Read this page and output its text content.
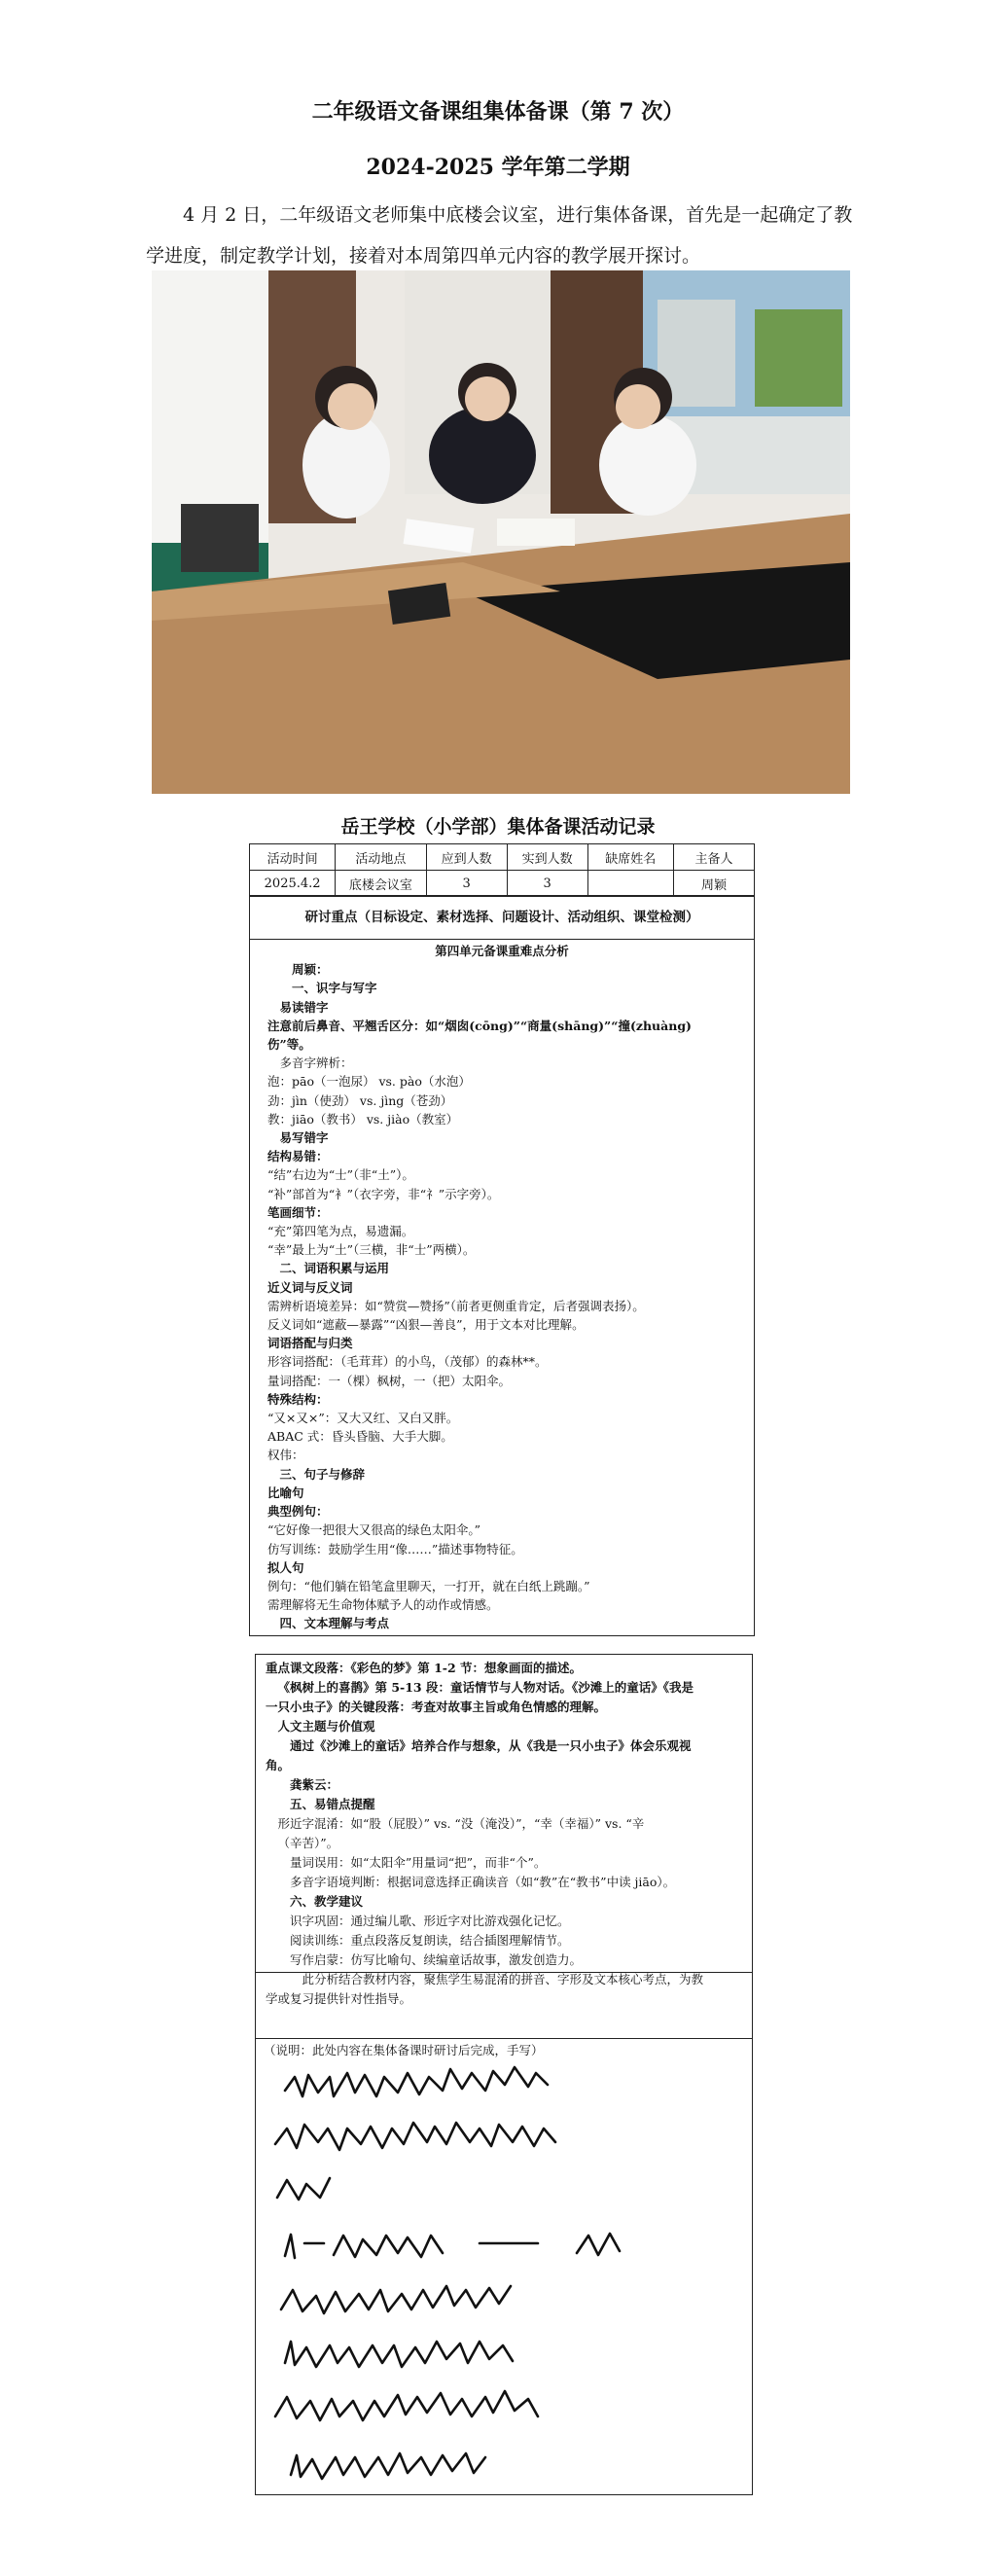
二年级语文备课组集体备课（第 7 次）
2024-2025 学年第二学期
4 月 2 日，二年级语文老师集中底楼会议室，进行集体备课，首先是一起确定了教学进度，制定教学计划，接着对本周第四单元内容的教学展开探讨。
岳王学校（小学部）集体备课活动记录
活动时间	活动地点	应到人数	实到人数	缺席姓名	主备人
2025.4.2	底楼会议室	3	3		周颖
研讨重点（目标设定、素材选择、问题设计、活动组织、课堂检测）
第四单元备课重难点分析
周颖：
一、识字与写字
易读错字
注意前后鼻音、平翘舌区分：如“烟囱(cōng)”“商量(shāng)”“撞(zhuàng)
伤”等。
多音字辨析：
泡：pāo（一泡尿） vs. pào（水泡）
劲：jìn（使劲） vs. jìng（苍劲）
教：jiāo（教书） vs. jiào（教室）
易写错字
结构易错：
“结”右边为“士”（非“土”）。
“补”部首为“衤”（衣字旁，非“礻”示字旁）。
笔画细节：
“充”第四笔为点，易遗漏。
“幸”最上为“土”（三横，非“士”两横）。
二、词语积累与运用
近义词与反义词
需辨析语境差异：如“赞赏—赞扬”（前者更侧重肯定，后者强调表扬）。
反义词如“遮蔽—暴露”“凶狠—善良”，用于文本对比理解。
词语搭配与归类
形容词搭配：（毛茸茸）的小鸟，（茂郁）的森林**。
量词搭配：一（棵）枫树，一（把）太阳伞。
特殊结构：
“又×又×”：又大又红、又白又胖。
ABAC 式：昏头昏脑、大手大脚。
权伟：
三、句子与修辞
比喻句
典型例句：
“它好像一把很大又很高的绿色太阳伞。”
仿写训练：鼓励学生用“像……”描述事物特征。
拟人句
例句：“他们躺在铅笔盒里聊天，一打开，就在白纸上跳蹦。”
需理解将无生命物体赋予人的动作或情感。
四、文本理解与考点
重点课文段落：《彩色的梦》第 1-2 节：想象画面的描述。
《枫树上的喜鹊》第 5-13 段：童话情节与人物对话。《沙滩上的童话》《我是
一只小虫子》的关键段落：考查对故事主旨或角色情感的理解。
人文主题与价值观
通过《沙滩上的童话》培养合作与想象，从《我是一只小虫子》体会乐观视
角。
龚紫云：
五、易错点提醒
形近字混淆：如“股（屁股）” vs. “没（淹没）”，“幸（幸福）” vs. “辛
（辛苦）”。
量词误用：如“太阳伞”用量词“把”，而非“个”。
多音字语境判断：根据词意选择正确读音（如“教”在“教书”中读 jiāo）。
六、教学建议
识字巩固：通过编儿歌、形近字对比游戏强化记忆。
阅读训练：重点段落反复朗读，结合插图理解情节。
写作启蒙：仿写比喻句、续编童话故事，激发创造力。
此分析结合教材内容，聚焦学生易混淆的拼音、字形及文本核心考点，为教
学或复习提供针对性指导。
（说明：此处内容在集体备课时研讨后完成，手写）
